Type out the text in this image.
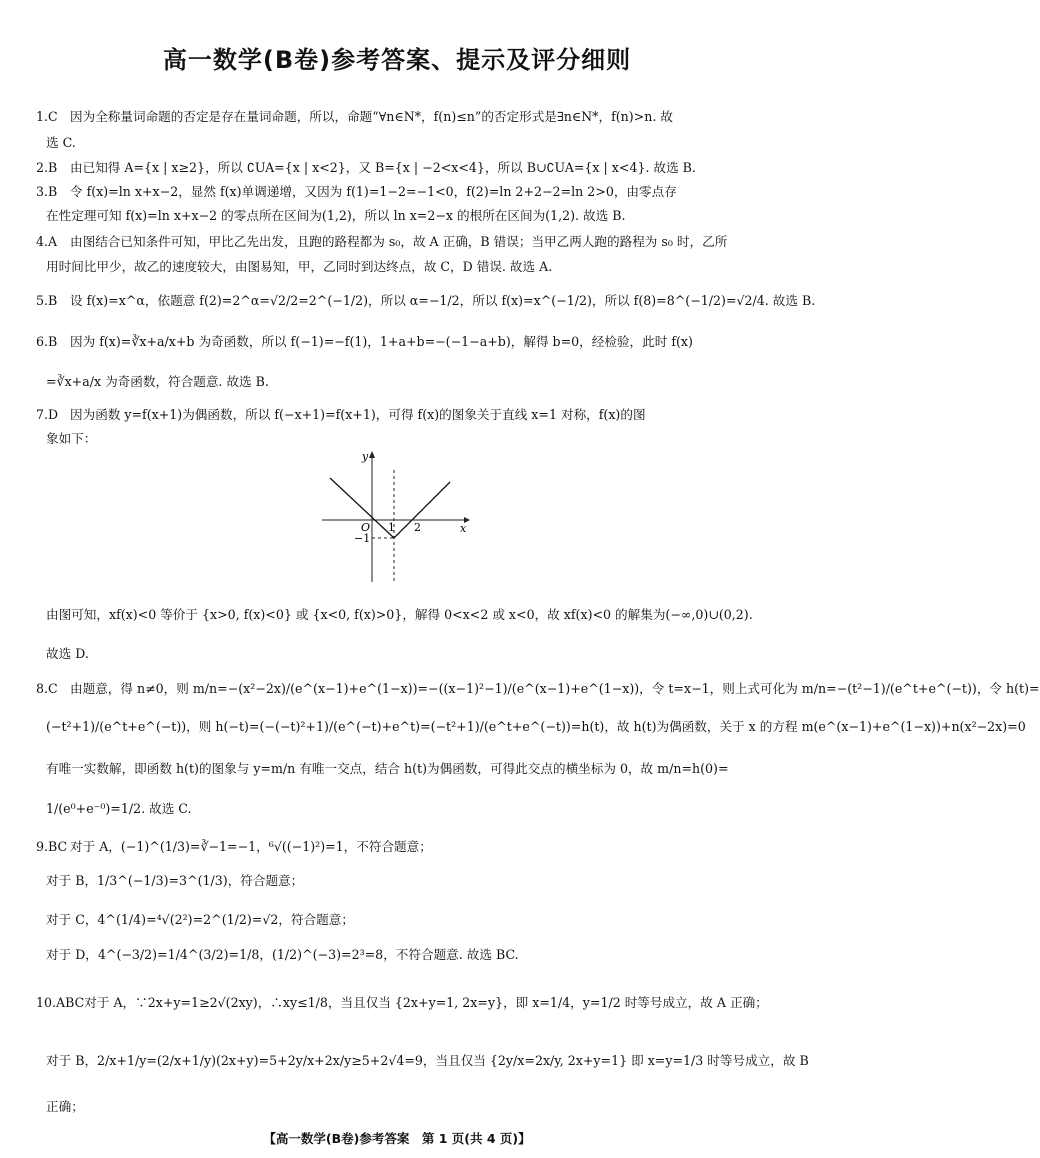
高一数学(B卷)参考答案、提示及评分细则
1.C 因为全称量词命题的否定是存在量词命题，所以，命题“∀n∈N*，f(n)≤n”的否定形式是∃n∈N*，f(n)>n. 故
选 C.
2.B 由已知得 A={x | x≥2}，所以 ∁UA={x | x<2}，又 B={x | −2<x<4}，所以 B∪∁UA={x | x<4}. 故选 B.
3.B 令 f(x)=ln x+x−2，显然 f(x)单调递增，又因为 f(1)=1−2=−1<0，f(2)=ln 2+2−2=ln 2>0，由零点存
在性定理可知 f(x)=ln x+x−2 的零点所在区间为(1,2)，所以 ln x=2−x 的根所在区间为(1,2). 故选 B.
4.A 由图结合已知条件可知，甲比乙先出发，且跑的路程都为 s₀，故 A 正确，B 错误；当甲乙两人跑的路程为 s₀ 时，乙所
用时间比甲少，故乙的速度较大，由图易知，甲，乙同时到达终点，故 C，D 错误. 故选 A.
5.B 设 f(x)=x^α，依题意 f(2)=2^α=√2/2=2^(−1/2)，所以 α=−1/2，所以 f(x)=x^(−1/2)，所以 f(8)=8^(−1/2)=√2/4. 故选 B.
6.B 因为 f(x)=∛x+a/x+b 为奇函数，所以 f(−1)=−f(1)，1+a+b=−(−1−a+b)，解得 b=0，经检验，此时 f(x)
=∛x+a/x 为奇函数，符合题意. 故选 B.
7.D 因为函数 y=f(x+1)为偶函数，所以 f(−x+1)=f(x+1)，可得 f(x)的图象关于直线 x=1 对称，f(x)的图
象如下：
y
x
O 1 2
−1
由图可知，xf(x)<0 等价于 {x>0, f(x)<0} 或 {x<0, f(x)>0}，解得 0<x<2 或 x<0，故 xf(x)<0 的解集为(−∞,0)∪(0,2).
故选 D.
8.C 由题意，得 n≠0，则 m/n=−(x²−2x)/(e^(x−1)+e^(1−x))=−((x−1)²−1)/(e^(x−1)+e^(1−x))，令 t=x−1，则上式可化为 m/n=−(t²−1)/(e^t+e^(−t))，令 h(t)=
(−t²+1)/(e^t+e^(−t))，则 h(−t)=(−(−t)²+1)/(e^(−t)+e^t)=(−t²+1)/(e^t+e^(−t))=h(t)，故 h(t)为偶函数，关于 x 的方程 m(e^(x−1)+e^(1−x))+n(x²−2x)=0
有唯一实数解，即函数 h(t)的图象与 y=m/n 有唯一交点，结合 h(t)为偶函数，可得此交点的横坐标为 0，故 m/n=h(0)=
1/(e⁰+e⁻⁰)=1/2. 故选 C.
9.BC 对于 A，(−1)^(1/3)=∛−1=−1，⁶√((−1)²)=1，不符合题意；
对于 B，1/3^(−1/3)=3^(1/3)，符合题意；
对于 C，4^(1/4)=⁴√(2²)=2^(1/2)=√2，符合题意；
对于 D，4^(−3/2)=1/4^(3/2)=1/8，(1/2)^(−3)=2³=8，不符合题意. 故选 BC.
10.ABC对于 A，∵2x+y=1≥2√(2xy)，∴xy≤1/8，当且仅当 {2x+y=1, 2x=y}，即 x=1/4，y=1/2 时等号成立，故 A 正确；
对于 B，2/x+1/y=(2/x+1/y)(2x+y)=5+2y/x+2x/y≥5+2√4=9，当且仅当 {2y/x=2x/y, 2x+y=1} 即 x=y=1/3 时等号成立，故 B
正确；
【高一数学(B卷)参考答案　第 1 页(共 4 页)】
